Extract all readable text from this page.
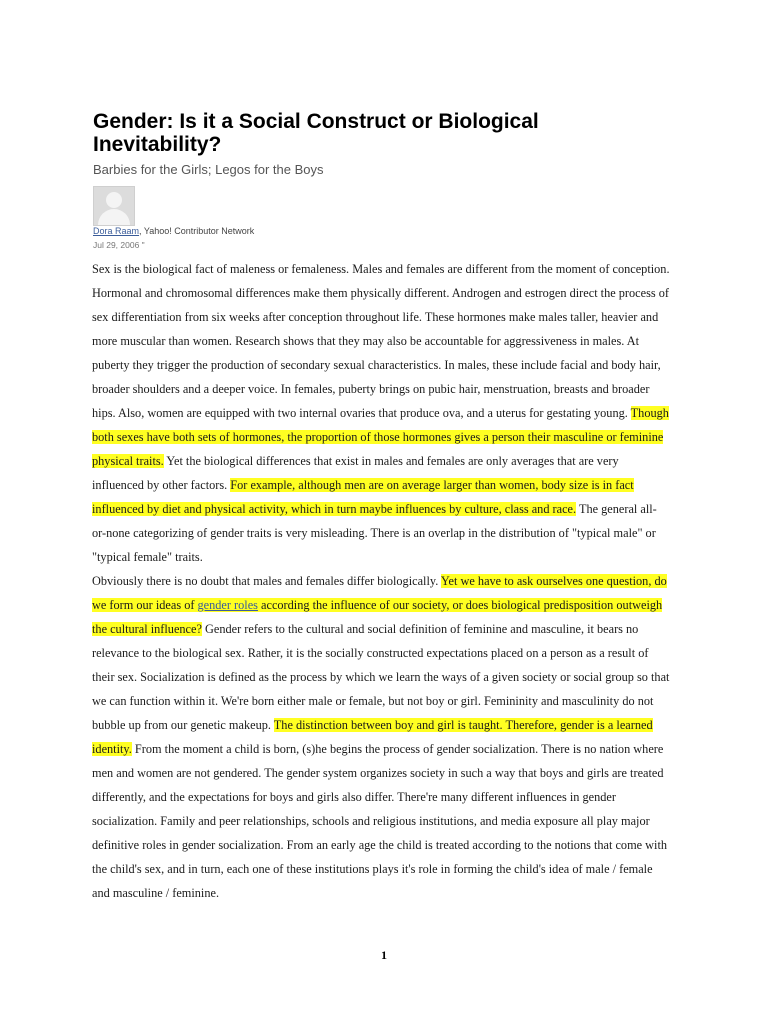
Gender: Is it a Social Construct or Biological Inevitability?
Barbies for the Girls; Legos for the Boys
Dora Raam, Yahoo! Contributor Network
Jul 29, 2006 "

Sex is the biological fact of maleness or femaleness. Males and females are different from the moment of conception. Hormonal and chromosomal differences make them physically different. Androgen and estrogen direct the process of sex differentiation from six weeks after conception throughout life. These hormones make males taller, heavier and more muscular than women. Research shows that they may also be accountable for aggressiveness in males. At puberty they trigger the production of secondary sexual characteristics. In males, these include facial and body hair, broader shoulders and a deeper voice. In females, puberty brings on pubic hair, menstruation, breasts and broader hips. Also, women are equipped with two internal ovaries that produce ova, and a uterus for gestating young. Though both sexes have both sets of hormones, the proportion of those hormones gives a person their masculine or feminine physical traits. Yet the biological differences that exist in males and females are only averages that are very influenced by other factors. For example, although men are on average larger than women, body size is in fact influenced by diet and physical activity, which in turn maybe influences by culture, class and race. The general all-or-none categorizing of gender traits is very misleading. There is an overlap in the distribution of "typical male" or "typical female" traits.

Obviously there is no doubt that males and females differ biologically. Yet we have to ask ourselves one question, do we form our ideas of gender roles according the influence of our society, or does biological predisposition outweigh the cultural influence? Gender refers to the cultural and social definition of feminine and masculine, it bears no relevance to the biological sex. Rather, it is the socially constructed expectations placed on a person as a result of their sex. Socialization is defined as the process by which we learn the ways of a given society or social group so that we can function within it. We're born either male or female, but not boy or girl. Femininity and masculinity do not bubble up from our genetic makeup. The distinction between boy and girl is taught. Therefore, gender is a learned identity. From the moment a child is born, (s)he begins the process of gender socialization. There is no nation where men and women are not gendered. The gender system organizes society in such a way that boys and girls are treated differently, and the expectations for boys and girls also differ. There're many different influences in gender socialization. Family and peer relationships, schools and religious institutions, and media exposure all play major definitive roles in gender socialization. From an early age the child is treated according to the notions that come with the child's sex, and in turn, each one of these institutions plays it's role in forming the child's idea of male / female and masculine / feminine.

1
